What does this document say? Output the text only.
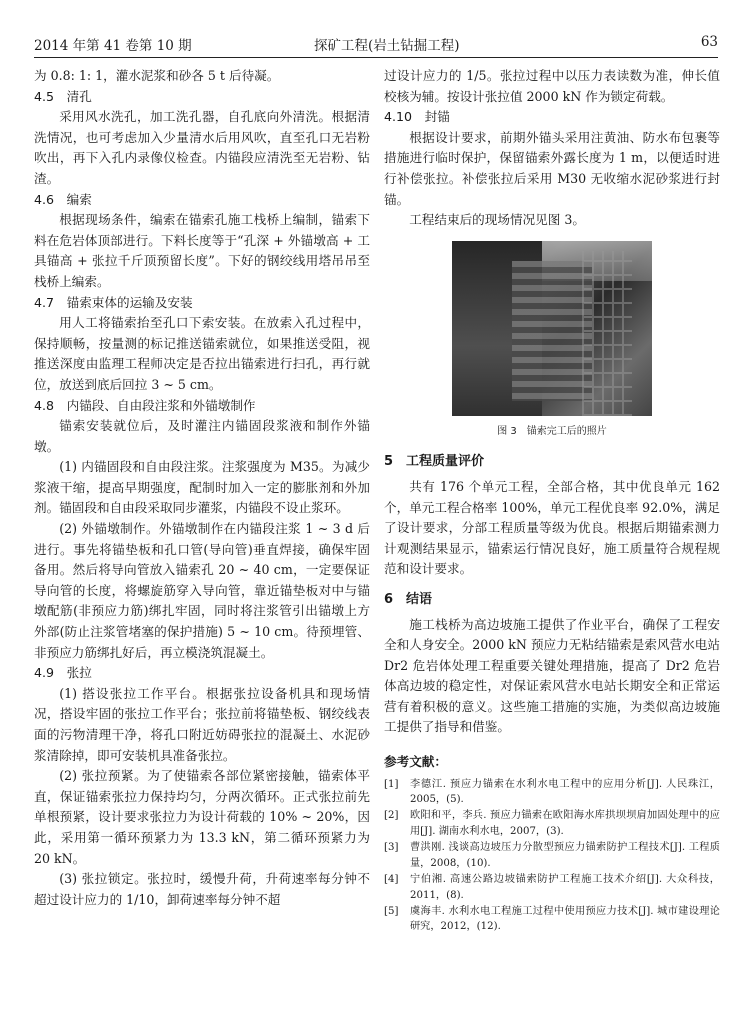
2014 年第 41 卷第 10 期	探矿工程(岩土钻掘工程)	63
为 0.8: 1: 1，灌水泥浆和砂各 5 t 后待凝。
4.5　清孔
采用风水洗孔，加工洗孔器，自孔底向外清洗。根据清洗情况，也可考虑加入少量清水后用风吹，直至孔口无岩粉吹出，再下入孔内录像仪检查。内锚段应清洗至无岩粉、钻渣。
4.6　编索
根据现场条件，编索在锚索孔施工栈桥上编制，锚索下料在危岩体顶部进行。下料长度等于“孔深 + 外锚墩高 + 工具锚高 + 张拉千斤顶预留长度”。下好的钢绞线用塔吊吊至栈桥上编索。
4.7　锚索束体的运输及安装
用人工将锚索抬至孔口下索安装。在放索入孔过程中，保持顺畅，按量测的标记推送锚索就位，如果推送受阻，视推送深度由监理工程师决定是否拉出锚索进行扫孔，再行就位，放送到底后回拉 3 ~ 5 cm。
4.8　内锚段、自由段注浆和外锚墩制作
锚索安装就位后，及时灌注内锚固段浆液和制作外锚墩。
(1) 内锚固段和自由段注浆。注浆强度为 M35。为减少浆液干缩，提高早期强度，配制时加入一定的膨胀剂和外加剂。锚固段和自由段采取同步灌浆，内锚段不设止浆环。
(2) 外锚墩制作。外锚墩制作在内锚段注浆 1 ~ 3 d 后进行。事先将锚垫板和孔口管(导向管)垂直焊接，确保牢固备用。然后将导向管放入锚索孔 20 ~ 40 cm，一定要保证导向管的长度，将螺旋筋穿入导向管，靠近锚垫板对中与锚墩配筋(非预应力筋)绑扎牢固，同时将注浆管引出锚墩上方外部(防止注浆管堵塞的保护措施) 5 ~ 10 cm。待预埋管、非预应力筋绑扎好后，再立模浇筑混凝土。
4.9　张拉
(1) 搭设张拉工作平台。根据张拉设备机具和现场情况，搭设牢固的张拉工作平台；张拉前将锚垫板、钢绞线表面的污物清理干净，将孔口附近妨碍张拉的混凝土、水泥砂浆清除掉，即可安装机具准备张拉。
(2) 张拉预紧。为了使锚索各部位紧密接触，锚索体平直，保证锚索张拉力保持均匀，分两次循环。正式张拉前先单根预紧，设计要求张拉力为设计荷载的 10% ~ 20%，因此，采用第一循环预紧力为 13.3 kN，第二循环预紧力为 20 kN。
(3) 张拉锁定。张拉时，缓慢升荷，升荷速率每分钟不超过设计应力的 1/10，卸荷速率每分钟不超
过设计应力的 1/5。张拉过程中以压力表读数为准，伸长值校核为辅。按设计张拉值 2000 kN 作为锁定荷载。
4.10　封锚
根据设计要求，前期外锚头采用注黄油、防水布包裹等措施进行临时保护，保留锚索外露长度为 1 m，以便适时进行补偿张拉。补偿张拉后采用 M30 无收缩水泥砂浆进行封锚。
工程结束后的现场情况见图 3。
图 3　锚索完工后的照片
5　工程质量评价
共有 176 个单元工程，全部合格，其中优良单元 162 个，单元工程合格率 100%，单元工程优良率 92.0%，满足了设计要求，分部工程质量等级为优良。根据后期锚索测力计观测结果显示，锚索运行情况良好，施工质量符合规程规范和设计要求。
6　结语
施工栈桥为高边坡施工提供了作业平台，确保了工程安全和人身安全。2000 kN 预应力无粘结锚索是索风营水电站 Dr2 危岩体处理工程重要关键处理措施，提高了 Dr2 危岩体高边坡的稳定性，对保证索风营水电站长期安全和正常运营有着积极的意义。这些施工措施的实施，为类似高边坡施工提供了指导和借鉴。
参考文献：
[1]	李德江. 预应力锚索在水利水电工程中的应用分析[J]. 人民珠江，2005，(5).
[2]	欧阳和平，李兵. 预应力锚索在欧阳海水库拱坝坝肩加固处理中的应用[J]. 湖南水利水电，2007，(3).
[3]	曹洪刚. 浅谈高边坡压力分散型预应力锚索防护工程技术[J]. 工程质量，2008，(10).
[4]	宁伯湘. 高速公路边坡锚索防护工程施工技术介绍[J]. 大众科技，2011，(8).
[5]	虞海丰. 水利水电工程施工过程中使用预应力技术[J]. 城市建设理论研究，2012，(12).
